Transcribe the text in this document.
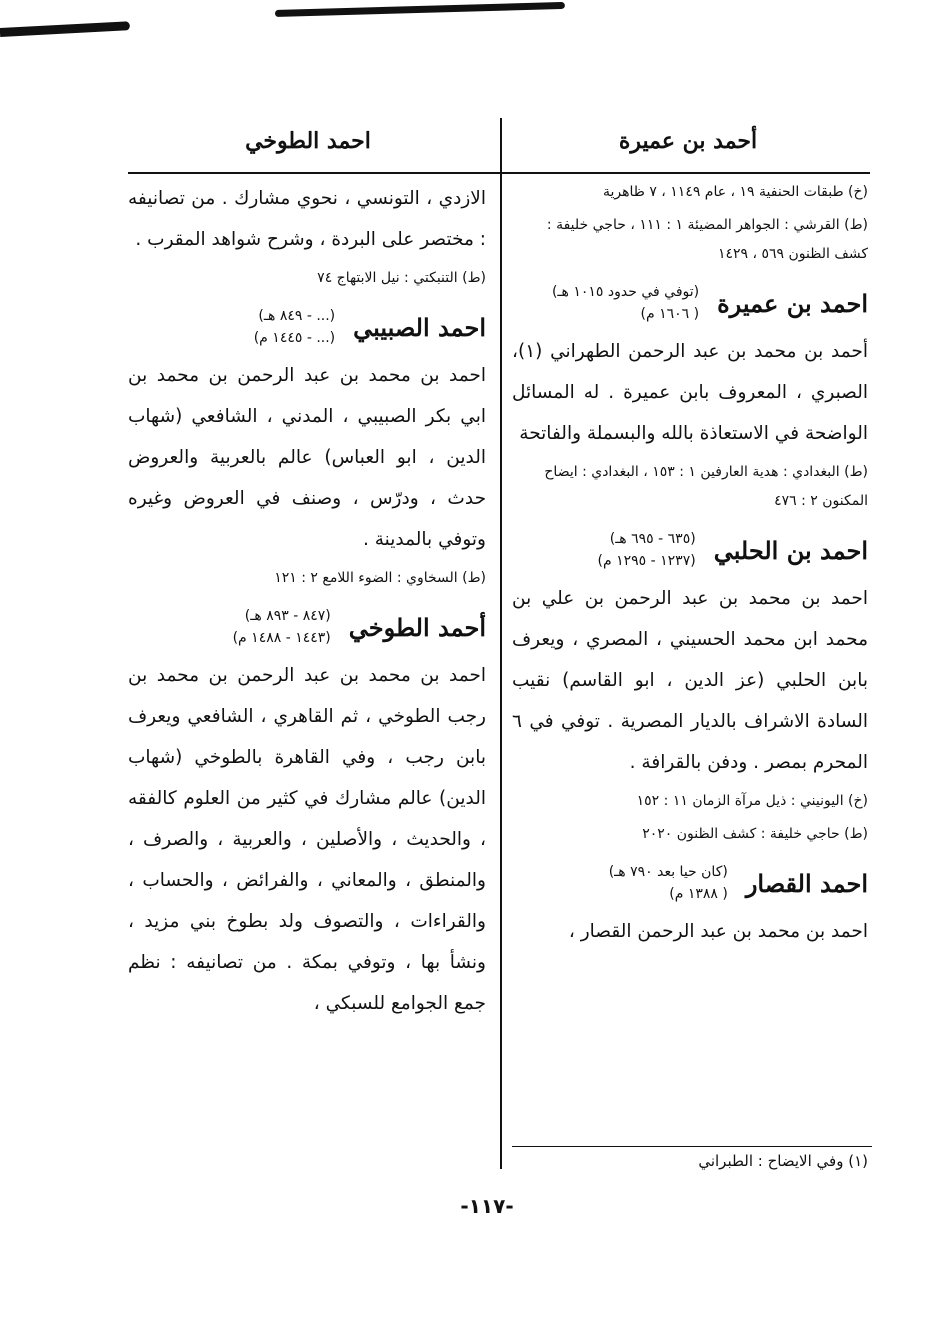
أحمد بن عميرة
احمد الطوخي

(خ) طبقات الحنفية ١٩ ، عام ١١٤٩ ، ٧ ظاهرية

(ط) القرشي : الجواهر المضيئة ١ : ١١١ ، حاجي خليفة : كشف الظنون ٥٦٩ ، ١٤٢٩

احمد بن عميرة
(توفي في حدود ١٠١٥ هـ)
( ١٦٠٦ م)

أحمد بن محمد بن عبد الرحمن الطهراني (١)، الصبري ، المعروف بابن عميرة . له المسائل الواضحة في الاستعاذة بالله والبسملة والفاتحة

(ط) البغدادي : هدية العارفين ١ : ١٥٣ ، البغدادي : ايضاح المكنون ٢ : ٤٧٦

احمد بن الحلبي
(٦٣٥ - ٦٩٥ هـ)
(١٢٣٧ - ١٢٩٥ م)

احمد بن محمد بن عبد الرحمن بن علي بن محمد ابن محمد الحسيني ، المصري ، ويعرف بابن الحلبي (عز الدين ، ابو القاسم) نقيب السادة الاشراف بالديار المصرية . توفي في ٦ المحرم بمصر . ودفن بالقرافة .

(خ) اليونيني : ذيل مرآة الزمان ١١ : ١٥٢

(ط) حاجي خليفة : كشف الظنون ٢٠٢٠

احمد القصار
(كان حيا بعد ٧٩٠ هـ)
( ١٣٨٨ م)

احمد بن محمد بن عبد الرحمن القصار ،

(١) وفي الايضاح : الطبراني

الازدي ، التونسي ، نحوي مشارك . من تصانيفه : مختصر على البردة ، وشرح شواهد المقرب .

(ط) التنبكتي : نيل الابتهاج ٧٤

احمد الصبيبي
(... - ٨٤٩ هـ)
(... - ١٤٤٥ م)

احمد بن محمد بن عبد الرحمن بن محمد بن ابي بكر الصبيبي ، المدني ، الشافعي (شهاب الدين ، ابو العباس) عالم بالعربية والعروض حدث ، ودرّس ، وصنف في العروض وغيره وتوفي بالمدينة .

(ط) السخاوي : الضوء اللامع ٢ : ١٢١

أحمد الطوخي
(٨٤٧ - ٨٩٣ هـ)
(١٤٤٣ - ١٤٨٨ م)

احمد بن محمد بن عبد الرحمن بن محمد بن رجب الطوخي ، ثم القاهري ، الشافعي ويعرف بابن رجب ، وفي القاهرة بالطوخي (شهاب الدين) عالم مشارك في كثير من العلوم كالفقه ، والحديث ، والأصلين ، والعربية ، والصرف ، والمنطق ، والمعاني ، والفرائض ، والحساب ، والقراءات ، والتصوف ولد بطوخ بني مزيد ، ونشأ بها ، وتوفي بمكة . من تصانيفه : نظم جمع الجوامع للسبكي ،

-١١٧-
